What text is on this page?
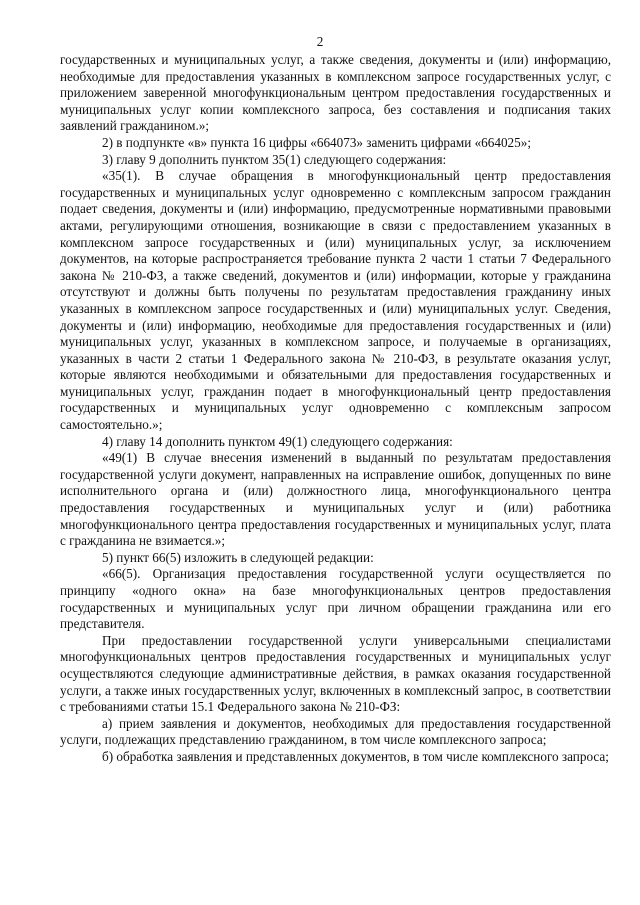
2

государственных и муниципальных услуг, а также сведения, документы и (или) информацию, необходимые для предоставления указанных в комплексном запросе государственных услуг, с приложением заверенной многофункциональным центром предоставления государственных и муниципальных услуг копии комплексного запроса, без составления и подписания таких заявлений гражданином.»;

2) в подпункте «в» пункта 16 цифры «664073» заменить цифрами «664025»;

3) главу 9 дополнить пунктом 35(1) следующего содержания:

«35(1). В случае обращения в многофункциональный центр предоставления государственных и муниципальных услуг одновременно с комплексным запросом гражданин подает сведения, документы и (или) информацию, предусмотренные нормативными правовыми актами, регулирующими отношения, возникающие в связи с предоставлением указанных в комплексном запросе государственных и (или) муниципальных услуг, за исключением документов, на которые распространяется требование пункта 2 части 1 статьи 7 Федерального закона № 210-ФЗ, а также сведений, документов и (или) информации, которые у гражданина отсутствуют и должны быть получены по результатам предоставления гражданину иных указанных в комплексном запросе государственных и (или) муниципальных услуг. Сведения, документы и (или) информацию, необходимые для предоставления государственных и (или) муниципальных услуг, указанных в комплексном запросе, и получаемые в организациях, указанных в части 2 статьи 1 Федерального закона № 210-ФЗ, в результате оказания услуг, которые являются необходимыми и обязательными для предоставления государственных и муниципальных услуг, гражданин подает в многофункциональный центр предоставления государственных и муниципальных услуг одновременно с комплексным запросом самостоятельно.»;

4) главу 14 дополнить пунктом 49(1) следующего содержания:

«49(1) В случае внесения изменений в выданный по результатам предоставления государственной услуги документ, направленных на исправление ошибок, допущенных по вине исполнительного органа и (или) должностного лица, многофункционального центра предоставления государственных и муниципальных услуг и (или) работника многофункционального центра предоставления государственных и муниципальных услуг, плата с гражданина не взимается.»;

5) пункт 66(5) изложить в следующей редакции:

«66(5). Организация предоставления государственной услуги осуществляется по принципу «одного окна» на базе многофункциональных центров предоставления государственных и муниципальных услуг при личном обращении гражданина или его представителя.

При предоставлении государственной услуги универсальными специалистами многофункциональных центров предоставления государственных и муниципальных услуг осуществляются следующие административные действия, в рамках оказания государственной услуги, а также иных государственных услуг, включенных в комплексный запрос, в соответствии с требованиями статьи 15.1 Федерального закона № 210-ФЗ:

а) прием заявления и документов, необходимых для предоставления государственной услуги, подлежащих представлению гражданином, в том числе комплексного запроса;

б) обработка заявления и представленных документов, в том числе комплексного запроса;
